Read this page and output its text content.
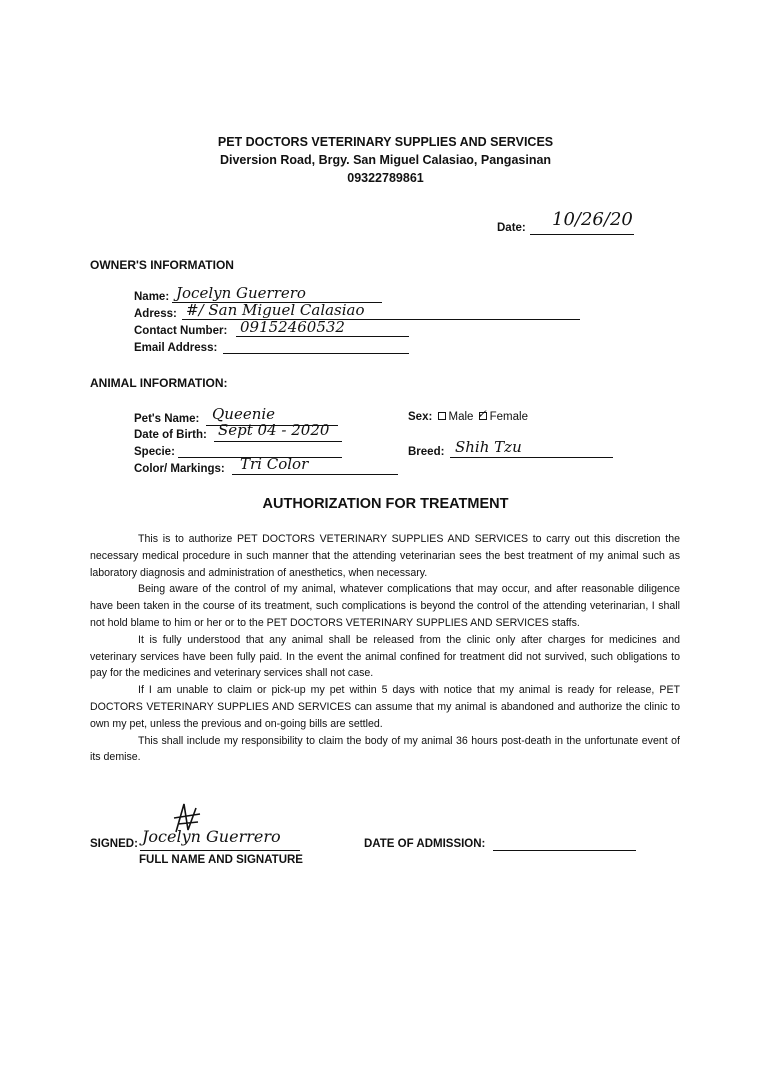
PET DOCTORS VETERINARY SUPPLIES AND SERVICES
Diversion Road, Brgy. San Miguel Calasiao, Pangasinan
09322789861
Date: 10/26/20
OWNER'S INFORMATION
Name: Jocelyn Guerrero
Adress: #/ San Miguel Calasiao
Contact Number: 09152460532
Email Address:
ANIMAL INFORMATION:
Pet's Name: Queenie
Date of Birth: Sept 04 - 2020
Specie:
Color/ Markings: Tri Color
Sex: Male ✓ Female
Breed: Shih Tzu
AUTHORIZATION FOR TREATMENT

This is to authorize PET DOCTORS VETERINARY SUPPLIES AND SERVICES to carry out this discretion the necessary medical procedure in such manner that the attending veterinarian sees the best treatment of my animal such as laboratory diagnosis and administration of anesthetics, when necessary.

Being aware of the control of my animal, whatever complications that may occur, and after reasonable diligence have been taken in the course of its treatment, such complications is beyond the control of the attending veterinarian, I shall not hold blame to him or her or to the PET DOCTORS VETERINARY SUPPLIES AND SERVICES staffs.

It is fully understood that any animal shall be released from the clinic only after charges for medicines and veterinary services have been fully paid. In the event the animal confined for treatment did not survived, such obligations to pay for the medicines and veterinary services shall not case.

If I am unable to claim or pick-up my pet within 5 days with notice that my animal is ready for release, PET DOCTORS VETERINARY SUPPLIES AND SERVICES can assume that my animal is abandoned and authorize the clinic to own my pet, unless the previous and on-going bills are settled.

This shall include my responsibility to claim the body of my animal 36 hours post-death in the unfortunate event of its demise.

SIGNED: Jocelyn Guerrero
FULL NAME AND SIGNATURE
DATE OF ADMISSION:
